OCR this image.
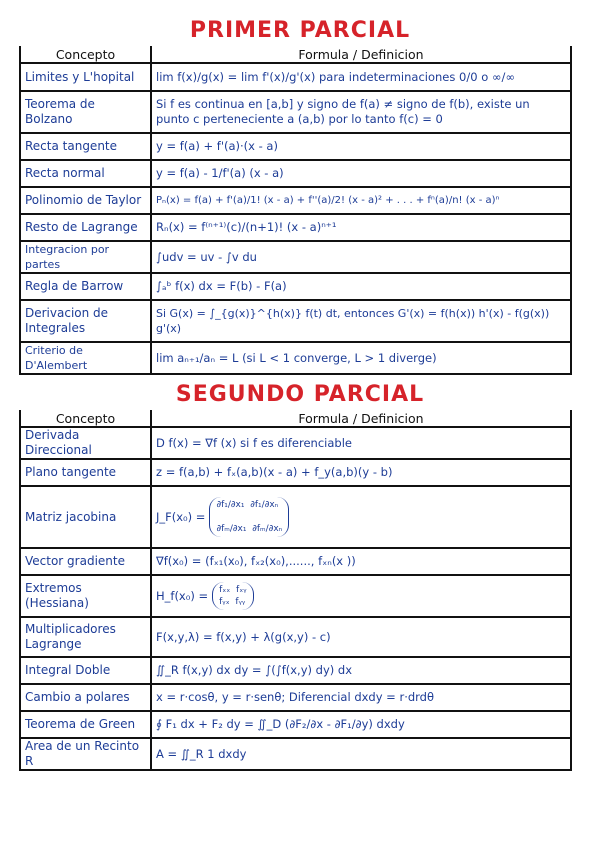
PRIMER PARCIAL
Concepto	Formula / Definicion
Limites y L'hopital	lim f(x)/g(x) = lim f'(x)/g'(x) para indeterminaciones 0/0 o ∞/∞
Teorema de Bolzano	Si f es continua en [a,b] y signo de f(a) ≠ signo de f(b), existe un punto c perteneciente a (a,b) por lo tanto f(c) = 0
Recta tangente	y = f(a) + f'(a)·(x - a)
Recta normal	y = f(a) - 1/f'(a) (x - a)
Polinomio de Taylor	Pₙ(x) = f(a) + f'(a)/1! (x - a) + f''(a)/2! (x - a)² + . . . + fⁿ(a)/n! (x - a)ⁿ
Resto de Lagrange	Rₙ(x) = f⁽ⁿ⁺¹⁾(c)/(n+1)! (x - a)ⁿ⁺¹
Integracion por partes	∫udv = uv - ∫v du
Regla de Barrow	∫ₐᵇ f(x) dx = F(b) - F(a)
Derivacion de Integrales	Si G(x) = ∫_{g(x)}^{h(x)} f(t) dt, entonces G'(x) = f(h(x)) h'(x) - f(g(x)) g'(x)
Criterio de D'Alembert	lim aₙ₊₁/aₙ = L (si L < 1 converge, L > 1 diverge)
SEGUNDO PARCIAL
Concepto	Formula / Definicion
Derivada Direccional	D f(x) = ∇f (x) si f es diferenciable
Plano tangente	z = f(a,b) + fₓ(a,b)(x - a) + f_y(a,b)(y - b)
Matriz jacobina	J_F(x₀) =
∂f₁/∂x₁ ∂f₁/∂xₙ

∂fₘ/∂x₁ ∂fₘ/∂xₙ

Vector gradiente	∇f(x₀) = (fₓ₁(x₀), fₓ₂(x₀),......, fₓₙ(x ))
Extremos (Hessiana)	H_f(x₀) = fₓₓ fₓᵧ
fᵧₓ fᵧᵧ

Multiplicadores Lagrange	F(x,y,λ) = f(x,y) + λ(g(x,y) - c)
Integral Doble	∬_R f(x,y) dx dy = ∫(∫f(x,y) dy) dx
Cambio a polares	x = r·cosθ, y = r·senθ; Diferencial dxdy = r·drdθ
Teorema de Green	∮ F₁ dx + F₂ dy = ∬_D (∂F₂/∂x - ∂F₁/∂y) dxdy
Area de un Recinto R	A = ∬_R 1 dxdy
